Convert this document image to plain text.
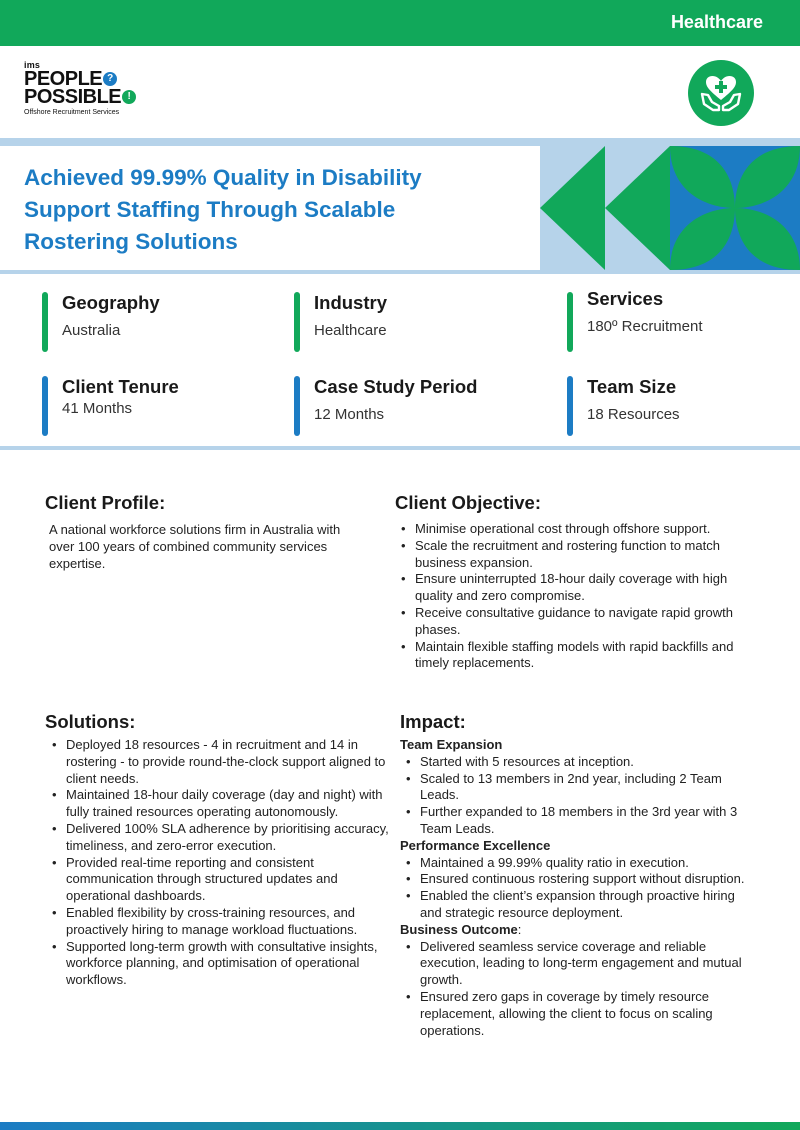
Healthcare
ims
PEOPLE ?
POSSIBLE !
Offshore Recruitment Services
Achieved 99.99% Quality in Disability Support Staffing Through Scalable Rostering Solutions
Geography
Australia
Industry
Healthcare
Services
180º Recruitment
Client Tenure
41 Months
Case Study Period
12 Months
Team Size
18 Resources
Client Profile:
A national workforce solutions firm in Australia with over 100 years of combined community services expertise.
Client Objective:
• Minimise operational cost through offshore support.
• Scale the recruitment and rostering function to match business expansion.
• Ensure uninterrupted 18-hour daily coverage with high quality and zero compromise.
• Receive consultative guidance to navigate rapid growth phases.
• Maintain flexible staffing models with rapid backfills and timely replacements.
Solutions:
• Deployed 18 resources - 4 in recruitment and 14 in rostering - to provide round-the-clock support aligned to client needs.
• Maintained 18-hour daily coverage (day and night) with fully trained resources operating autonomously.
• Delivered 100% SLA adherence by prioritising accuracy, timeliness, and zero-error execution.
• Provided real-time reporting and consistent communication through structured updates and operational dashboards.
• Enabled flexibility by cross-training resources, and proactively hiring to manage workload fluctuations.
• Supported long-term growth with consultative insights, workforce planning, and optimisation of operational workflows.
Impact:
Team Expansion
• Started with 5 resources at inception.
• Scaled to 13 members in 2nd year, including 2 Team Leads.
• Further expanded to 18 members in the 3rd year with 3 Team Leads.
Performance Excellence
• Maintained a 99.99% quality ratio in execution.
• Ensured continuous rostering support without disruption.
• Enabled the client’s expansion through proactive hiring and strategic resource deployment.
Business Outcome:
• Delivered seamless service coverage and reliable execution, leading to long-term engagement and mutual growth.
• Ensured zero gaps in coverage by timely resource replacement, allowing the client to focus on scaling operations.
